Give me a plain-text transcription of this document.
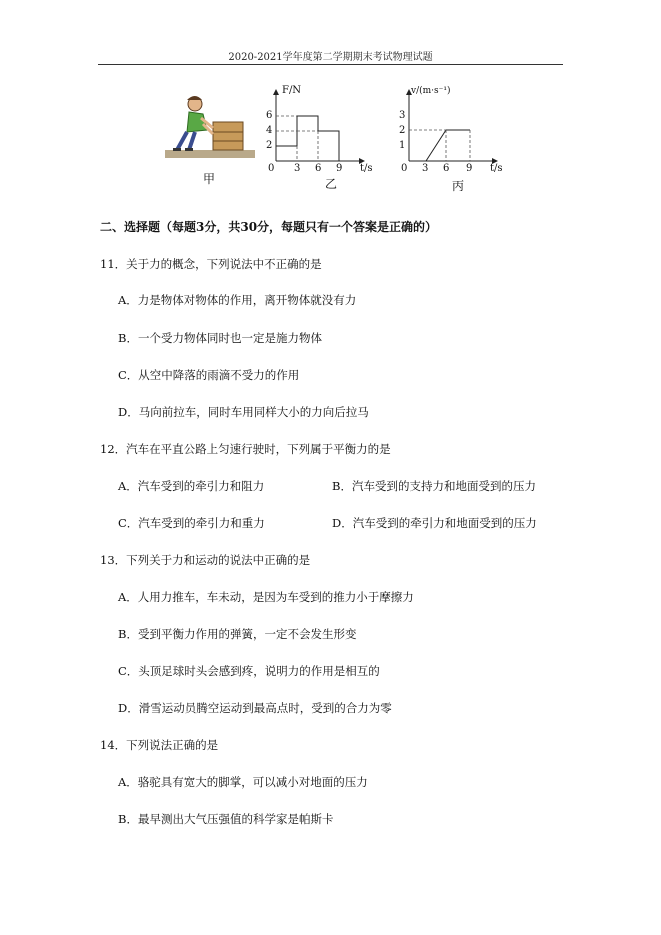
2020-2021学年度第二学期期末考试物理试题
甲
F/N
6
4
2
0 3 6 9 t/s
乙
v/(m·s⁻¹)
3
2
1
0 3 6 9 t/s
丙
二、选择题（每题3分，共30分，每题只有一个答案是正确的）
11．关于力的概念，下列说法中不正确的是
A．力是物体对物体的作用，离开物体就没有力
B．一个受力物体同时也一定是施力物体
C．从空中降落的雨滴不受力的作用
D．马向前拉车，同时车用同样大小的力向后拉马
12．汽车在平直公路上匀速行驶时，下列属于平衡力的是
A．汽车受到的牵引力和阻力	B．汽车受到的支持力和地面受到的压力
C．汽车受到的牵引力和重力	D．汽车受到的牵引力和地面受到的压力
13．下列关于力和运动的说法中正确的是
A．人用力推车，车未动，是因为车受到的推力小于摩擦力
B．受到平衡力作用的弹簧，一定不会发生形变
C．头顶足球时头会感到疼，说明力的作用是相互的
D．滑雪运动员腾空运动到最高点时，受到的合力为零
14．下列说法正确的是
A．骆驼具有宽大的脚掌，可以减小对地面的压力
B．最早测出大气压强值的科学家是帕斯卡
